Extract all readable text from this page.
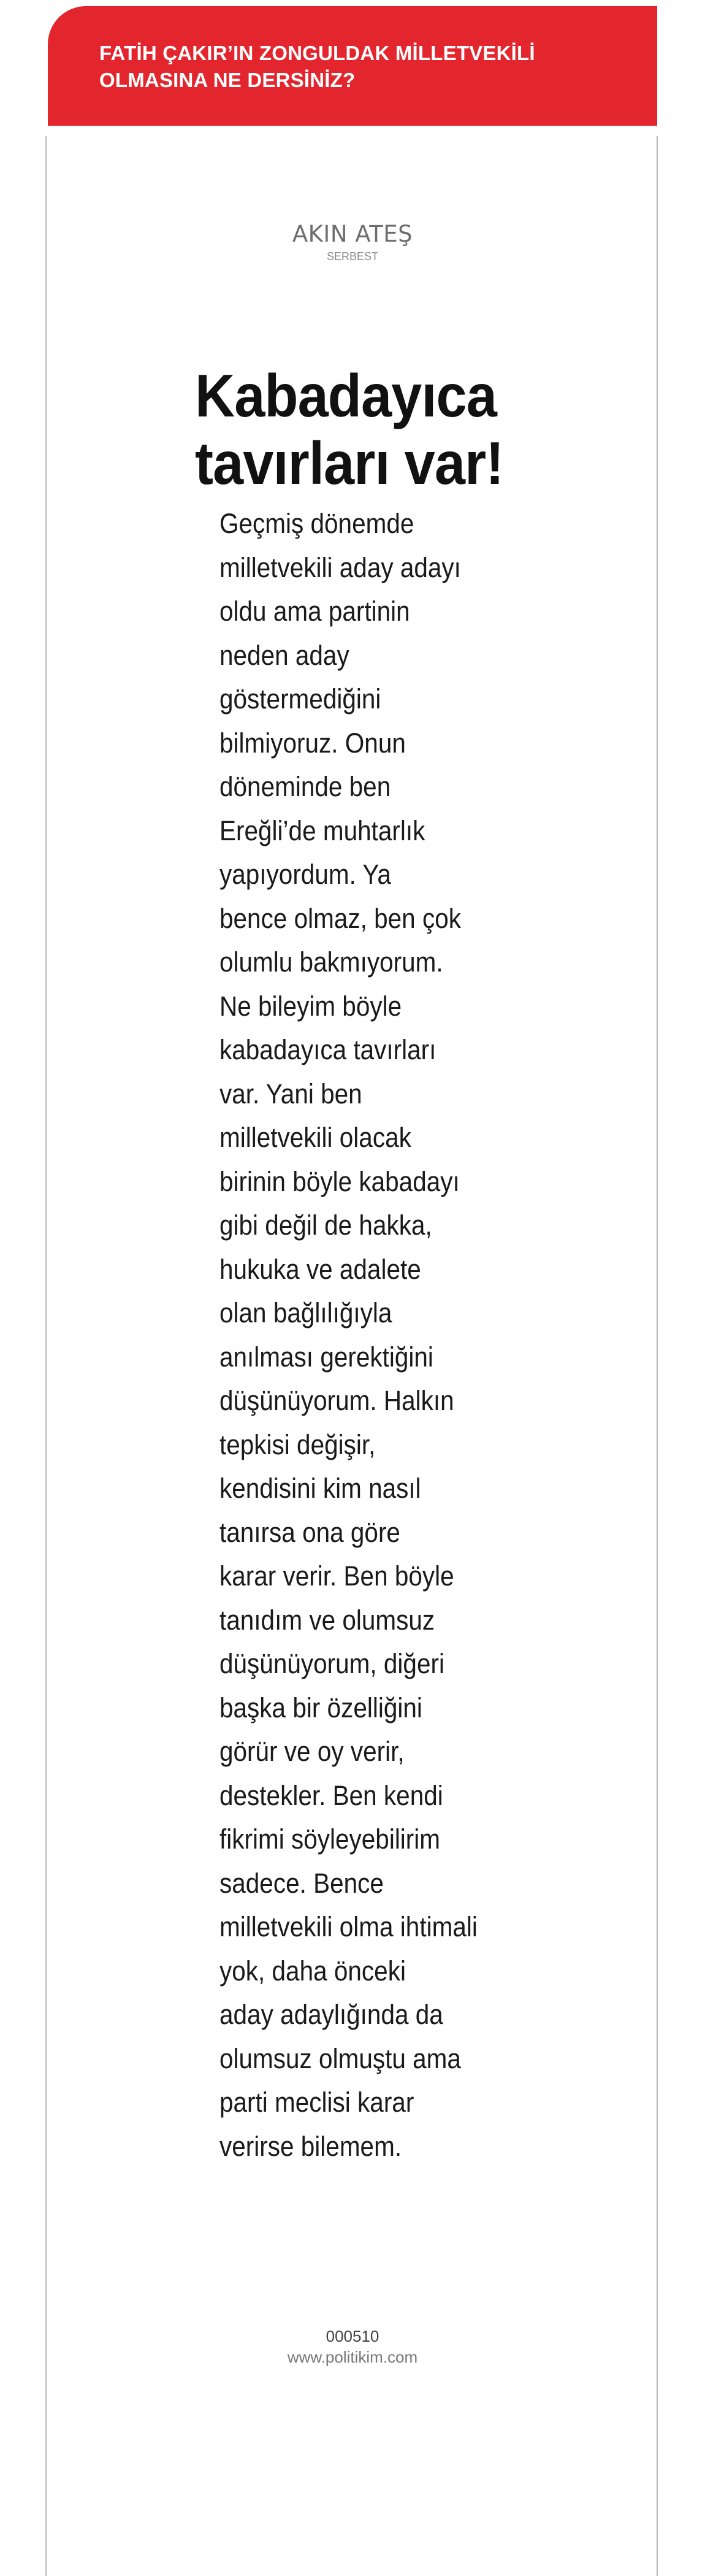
FATİH ÇAKIR’IN ZONGULDAK MİLLETVEKİLİ
OLMASINA NE DERSİNİZ?

AKIN ATEŞ
SERBEST
Kabadayıca
tavırları var!
Geçmiş dönemde
milletvekili aday adayı
oldu ama partinin
neden aday
göstermediğini
bilmiyoruz. Onun
döneminde ben
Ereğli’de muhtarlık
yapıyordum. Ya
bence olmaz, ben çok
olumlu bakmıyorum.
Ne bileyim böyle
kabadayıca tavırları
var. Yani ben
milletvekili olacak
birinin böyle kabadayı
gibi değil de hakka,
hukuka ve adalete
olan bağlılığıyla
anılması gerektiğini
düşünüyorum. Halkın
tepkisi değişir,
kendisini kim nasıl
tanırsa ona göre
karar verir. Ben böyle
tanıdım ve olumsuz
düşünüyorum, diğeri
başka bir özelliğini
görür ve oy verir,
destekler. Ben kendi
fikrimi söyleyebilirim
sadece. Bence
milletvekili olma ihtimali
yok, daha önceki
aday adaylığında da
olumsuz olmuştu ama
parti meclisi karar
verirse bilemem.
000510
www.politikim.com
